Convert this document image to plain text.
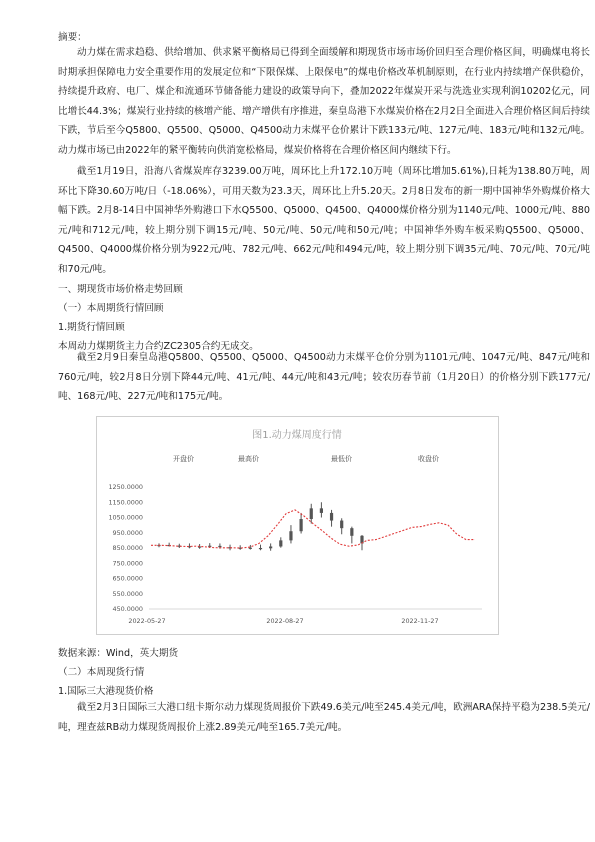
摘要：

动力煤在需求趋稳、供给增加、供求紧平衡格局已得到全面缓解和期现货市场市场价回归至合理价格区间，明确煤电将长时期承担保障电力安全重要作用的发展定位和“下限保煤、上限保电”的煤电价格改革机制原则，在行业内持续增产保供稳价，持续提升政府、电厂、煤企和流通环节储备能力建设的政策导向下，叠加2022年煤炭开采与洗选业实现利润10202亿元，同比增长44.3%；煤炭行业持续的核增产能、增产增供有序推进，秦皇岛港下水煤炭价格在2月2日全面进入合理价格区间后持续下跌，节后至今Q5800、Q5500、Q5000、Q4500动力末煤平仓价累计下跌133元/吨、127元/吨、183元/吨和132元/吨。动力煤市场已由2022年的紧平衡转向供消宽松格局，煤炭价格将在合理价格区间内继续下行。

截至1月19日，沿海八省煤炭库存3239.00万吨，周环比上升172.10万吨（周环比增加5.61%),日耗为138.80万吨，周环比下降30.60万吨/日（-18.06%），可用天数为23.3天，周环比上升5.20天。2月8日发布的新一期中国神华外购煤价格大幅下跌。2月8-14日中国神华外购港口下水Q5500、Q5000、Q4500、Q4000煤价格分别为1140元/吨、1000元/吨、880元/吨和712元/吨，较上期分别下调15元/吨、50元/吨、50元/吨和50元/吨；中国神华外购车板采购Q5500、Q5000、Q4500、Q4000煤价格分别为922元/吨、782元/吨、662元/吨和494元/吨，较上期分别下调35元/吨、70元/吨、70元/吨和70元/吨。

一、期现货市场价格走势回顾
（一）本周期货行情回顾
1.期货行情回顾
本周动力煤期货主力合约ZC2305合约无成交。

截至2月9日秦皇岛港Q5800、Q5500、Q5000、Q4500动力末煤平仓价分别为1101元/吨、1047元/吨、847元/吨和760元/吨，较2月8日分别下降44元/吨、41元/吨、44元/吨和43元/吨；较农历春节前（1月20日）的价格分别下跌177元/吨、168元/吨、227元/吨和175元/吨。

图1.动力煤周度行情
开盘价	最高价	最低价	收盘价
450.0000
550.0000
650.0000
750.0000
850.0000
950.0000
1050.0000
1150.0000
1250.0000
2022-05-27	2022-08-27	2022-11-27
数据来源：Wind，英大期货
（二）本周现货行情
1.国际三大港现货价格

截至2月3日国际三大港口纽卡斯尔动力煤现货周报价下跌49.6美元/吨至245.4美元/吨，欧洲ARA保持平稳为238.5美元/吨，理查兹RB动力煤现货周报价上涨2.89美元/吨至165.7美元/吨。
